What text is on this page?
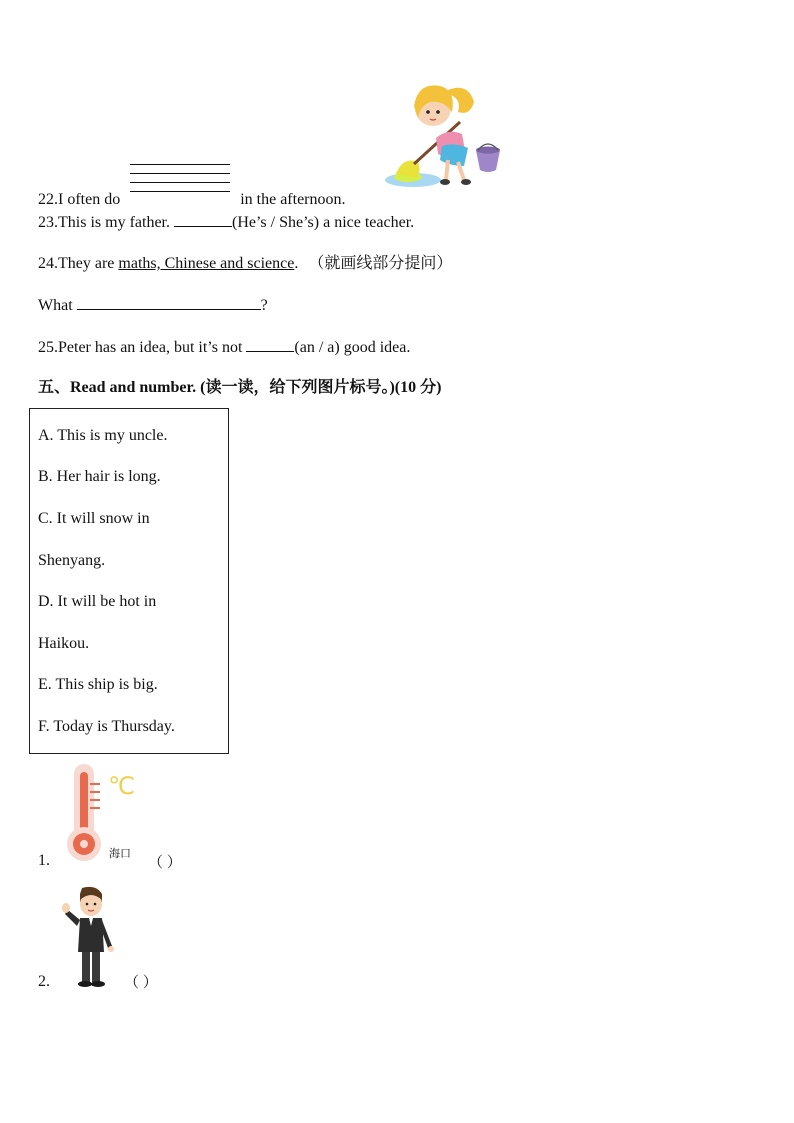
22.I often do	in the afternoon.
23.This is my father.	(He’s / She’s) a nice teacher.
24.They are maths, Chinese and science. （就画线部分提问）
What	?
25.Peter has an idea, but it’s not	(an / a) good idea.
五、Read and number. (读一读，给下列图片标号。)(10 分)
A. This is my uncle.
B. Her hair is long.
C. It will snow in
Shenyang.
D. It will be hot in
Haikou.
E. This ship is big.
F. Today is Thursday.
1.
℃
海口
（ ）
2.	（ ）
